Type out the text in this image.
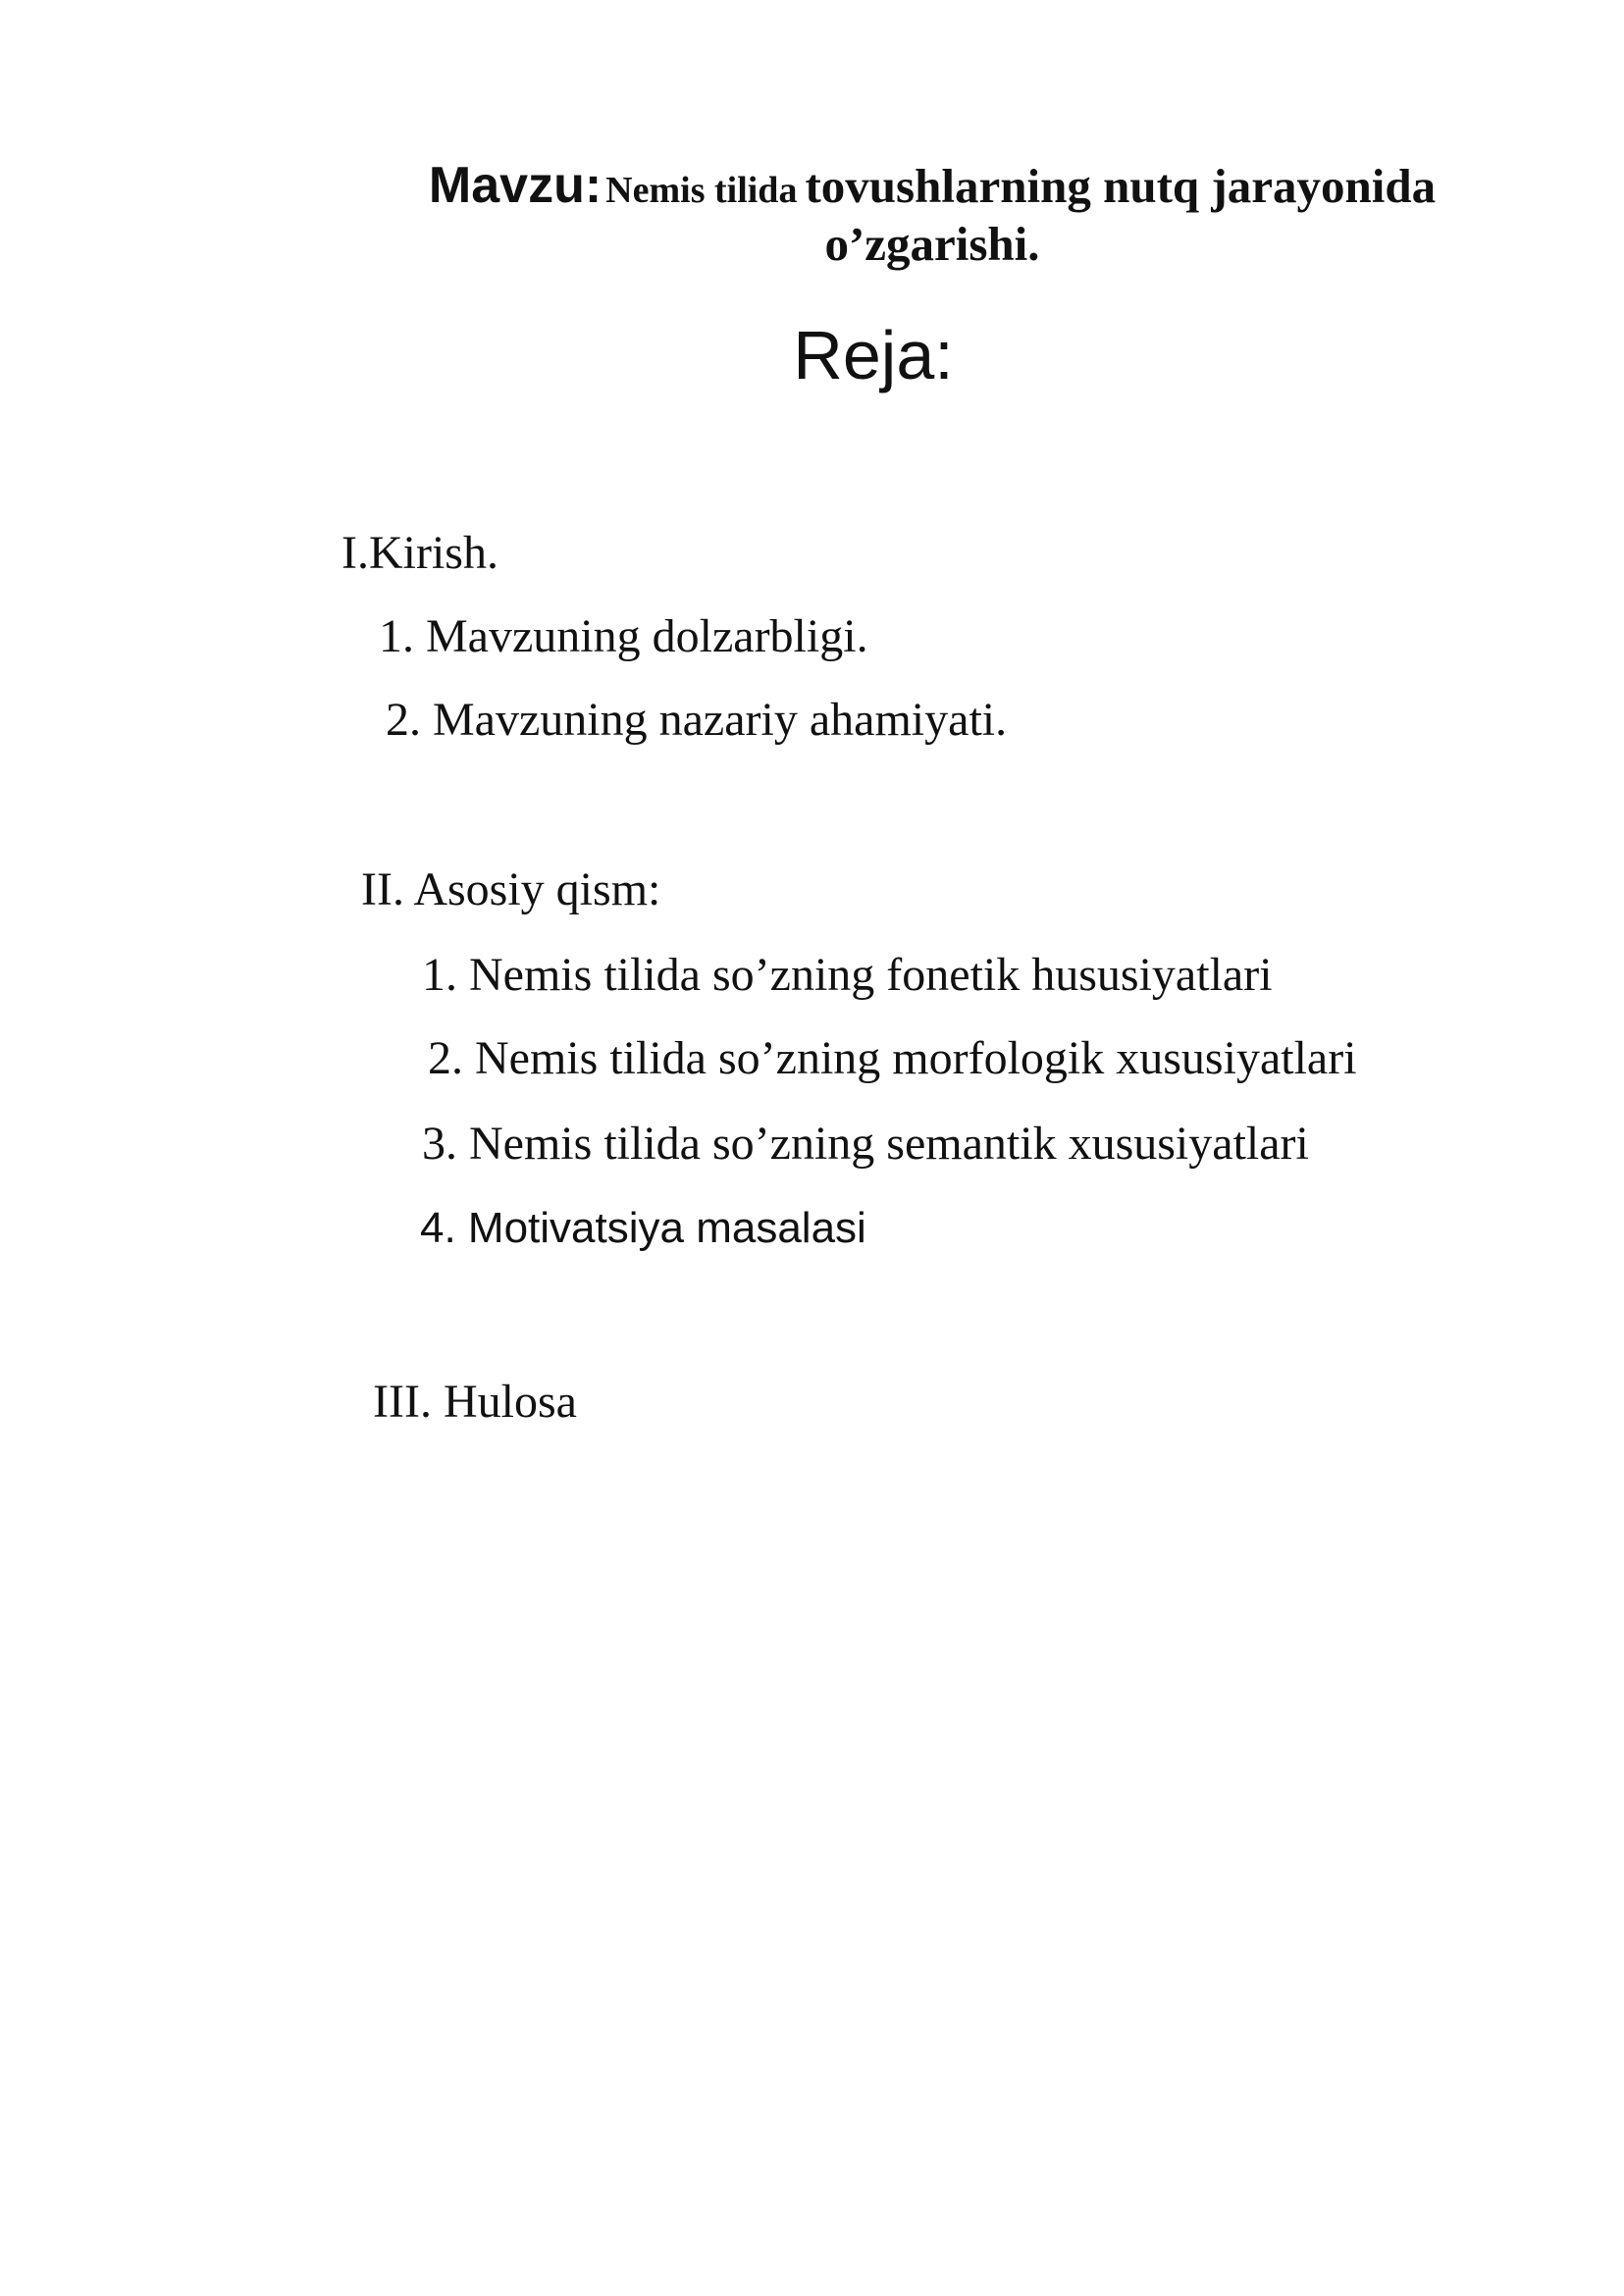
Mavzu: Nemis tilida tovushlarning nutq jarayonida
o’zgarishi.
Reja:
I.Kirish.
1. Mavzuning dolzarbligi.
2. Mavzuning nazariy ahamiyati.
II. Asosiy qism:
1. Nemis tilida so’zning fonetik hususiyatlari
2. Nemis tilida so’zning morfologik xususiyatlari
3. Nemis tilida so’zning semantik xususiyatlari
4. Motivatsiya masalasi
III. Hulosa
